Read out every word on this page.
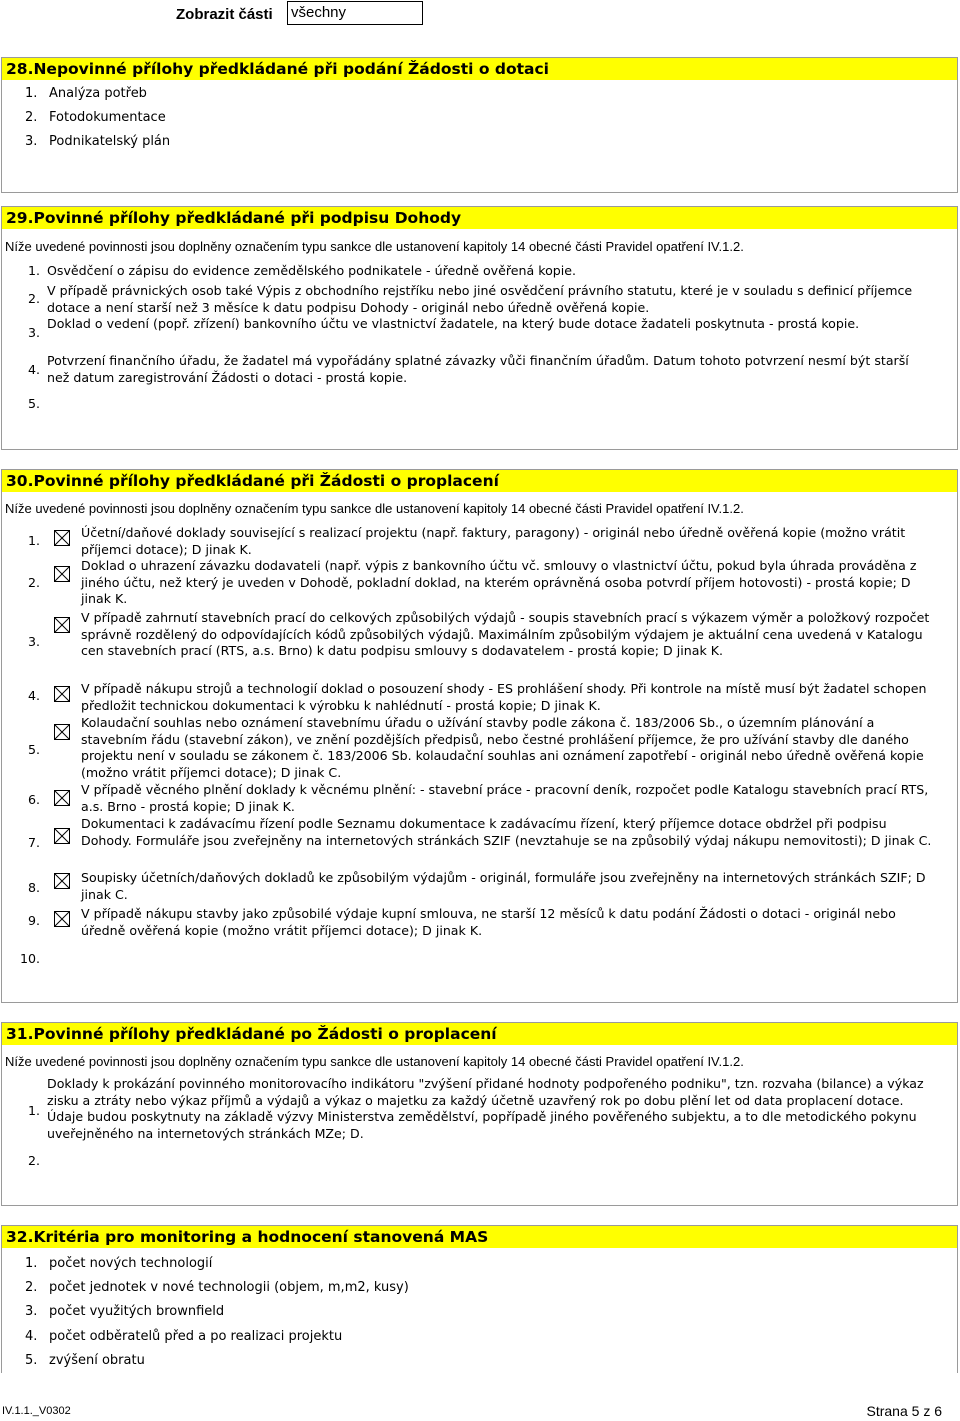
Zobrazit části všechny
28.Nepovinné přílohy předkládané při podání Žádosti o dotaci
1. Analýza potřeb
2. Fotodokumentace
3. Podnikatelský plán
29.Povinné přílohy předkládané při podpisu Dohody
Níže uvedené povinnosti jsou doplněny označením typu sankce dle ustanovení kapitoly 14 obecné části Pravidel opatření IV.1.2.
1. Osvědčení o zápisu do evidence zemědělského podnikatele - úředně ověřená kopie.
2.
V případě právnických osob také Výpis z obchodního rejstříku nebo jiné osvědčení právního statutu, které je v souladu s definicí příjemce dotace a není starší než 3 měsíce k datu podpisu Dohody - originál nebo úředně ověřená kopie.
3.
Doklad o vedení (popř. zřízení) bankovního účtu ve vlastnictví žadatele, na který bude dotace žadateli poskytnuta - prostá kopie.
4.
Potvrzení finančního úřadu, že žadatel má vypořádány splatné závazky vůči finančním úřadům. Datum tohoto potvrzení nesmí být starší než datum zaregistrování Žádosti o dotaci - prostá kopie.
5.
30.Povinné přílohy předkládané při Žádosti o proplacení
Níže uvedené povinnosti jsou doplněny označením typu sankce dle ustanovení kapitoly 14 obecné části Pravidel opatření IV.1.2.
1.
Účetní/daňové doklady související s realizací projektu (např. faktury, paragony) - originál nebo úředně ověřená kopie (možno vrátit příjemci dotace); D jinak K.
2.
Doklad o uhrazení závazku dodavateli (např. výpis z bankovního účtu vč. smlouvy o vlastnictví účtu, pokud byla úhrada prováděna z jiného účtu, než který je uveden v Dohodě, pokladní doklad, na kterém oprávněná osoba potvrdí příjem hotovosti) - prostá kopie; D jinak K.
3.
V případě zahrnutí stavebních prací do celkových způsobilých výdajů - soupis stavebních prací s výkazem výměr a položkový rozpočet správně rozdělený do odpovídajících kódů způsobilých výdajů. Maximálním způsobilým výdajem je aktuální cena uvedená v Katalogu cen stavebních prací (RTS, a.s. Brno) k datu podpisu smlouvy s dodavatelem - prostá kopie; D jinak K.
4.	V případě nákupu strojů a technologií doklad o posouzení shody - ES prohlášení shody. Při kontrole na místě musí být žadatel schopen předložit technickou dokumentaci k výrobku k nahlédnutí - prostá kopie; D jinak K.
5.
Kolaudační souhlas nebo oznámení stavebnímu úřadu o užívání stavby podle zákona č. 183/2006 Sb., o územním plánování a stavebním řádu (stavební zákon), ve znění pozdějších předpisů, nebo čestné prohlášení příjemce, že pro užívání stavby dle daného projektu není v souladu se zákonem č. 183/2006 Sb. kolaudační souhlas ani oznámení zapotřebí - originál nebo úředně ověřená kopie (možno vrátit příjemci dotace); D jinak C.
6.
V případě věcného plnění doklady k věcnému plnění: - stavební práce - pracovní deník, rozpočet podle Katalogu stavebních prací RTS, a.s. Brno - prostá kopie; D jinak K.
7.
Dokumentaci k zadávacímu řízení podle Seznamu dokumentace k zadávacímu řízení, který příjemce dotace obdržel při podpisu Dohody. Formuláře jsou zveřejněny na internetových stránkách SZIF (nevztahuje se na způsobilý výdaj nákupu nemovitosti); D jinak C.
8.
Soupisky účetních/daňových dokladů ke způsobilým výdajům - originál, formuláře jsou zveřejněny na internetových stránkách SZIF; D jinak C.
9.	V případě nákupu stavby jako způsobilé výdaje kupní smlouva, ne starší 12 měsíců k datu podání Žádosti o dotaci - originál nebo úředně ověřená kopie (možno vrátit příjemci dotace); D jinak K.
10.
31.Povinné přílohy předkládané po Žádosti o proplacení
Níže uvedené povinnosti jsou doplněny označením typu sankce dle ustanovení kapitoly 14 obecné části Pravidel opatření IV.1.2.
1.
Doklady k prokázání povinného monitorovacího indikátoru "zvýšení přidané hodnoty podpořeného podniku", tzn. rozvaha (bilance) a výkaz zisku a ztráty nebo výkaz příjmů a výdajů a výkaz o majetku za každý účetně uzavřený rok po dobu plění let od data proplacení dotace. Údaje budou poskytnuty na základě výzvy Ministerstva zemědělství, popřípadě jiného pověřeného subjektu, a to dle metodického pokynu uveřejněného na internetových stránkách MZe; D.
2.
32.Kritéria pro monitoring a hodnocení stanovená MAS
1. počet nových technologií
2. počet jednotek v nové technologii (objem, m,m2, kusy)
3. počet využitých brownfield
4. počet odběratelů před a po realizaci projektu
5. zvýšení obratu
IV.1.1._V0302	Strana 5 z 6
